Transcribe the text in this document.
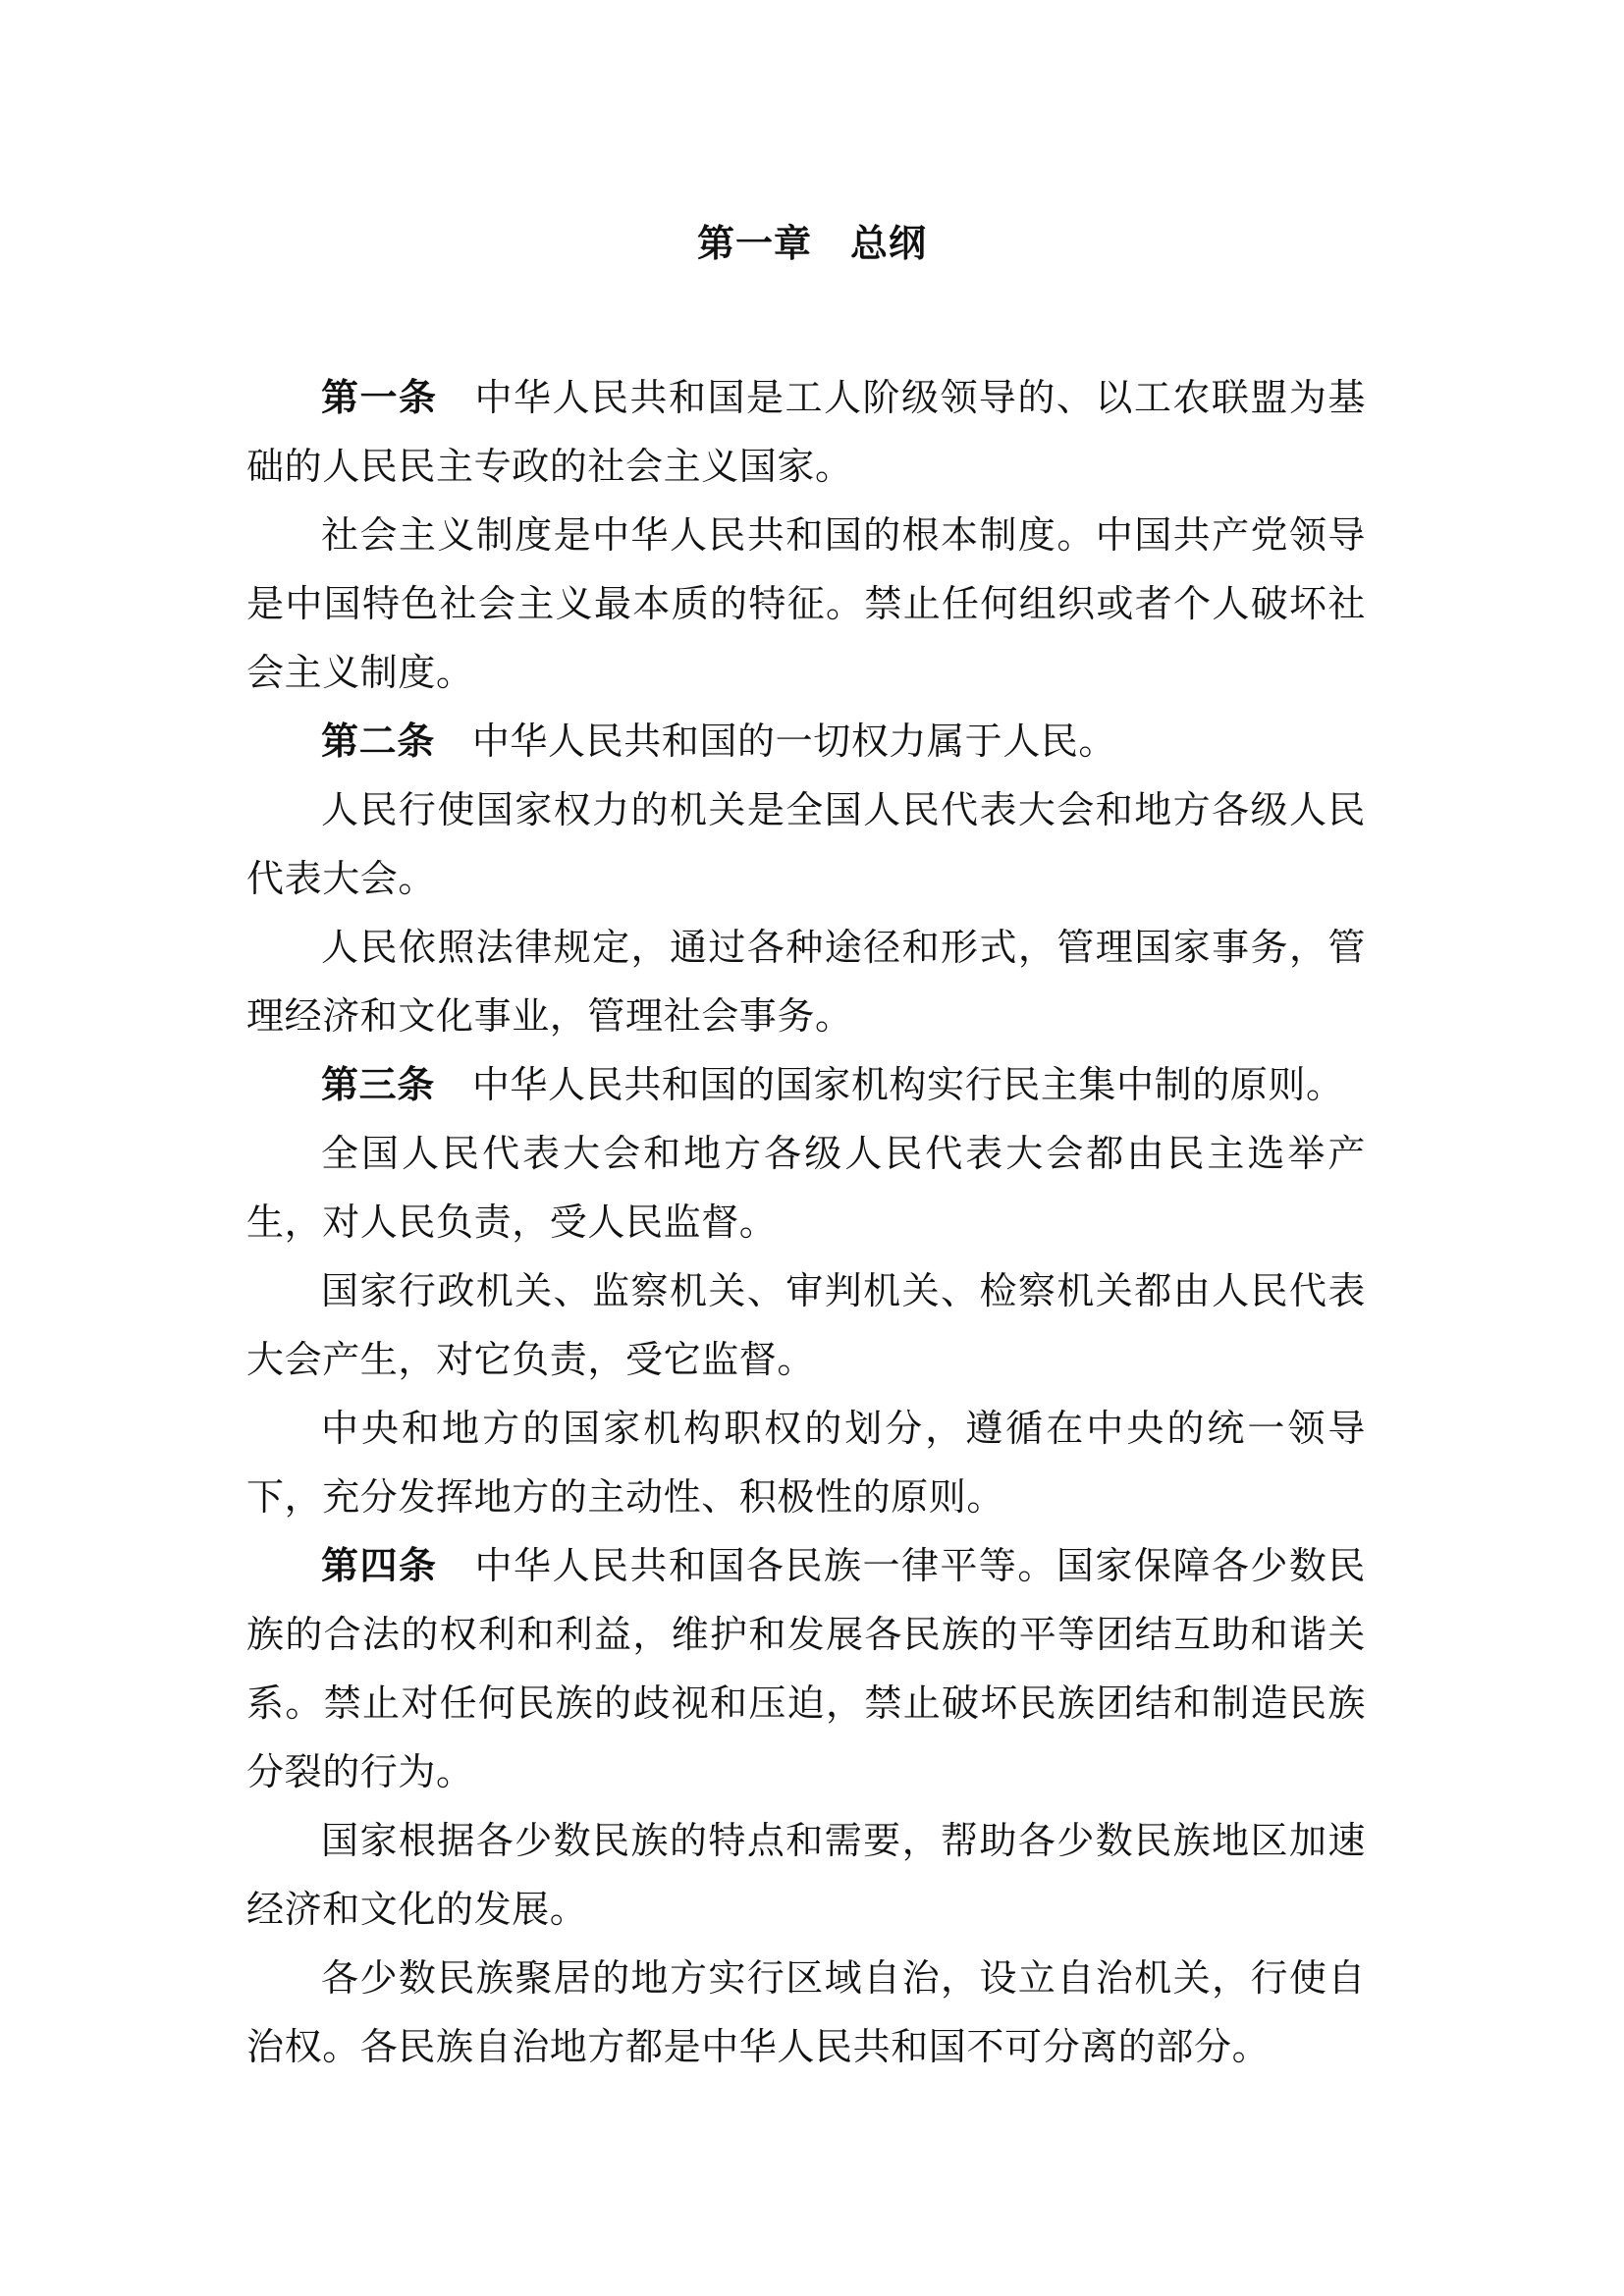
第一章　总纲

第一条 中华人民共和国是工人阶级领导的、以工农联盟为基础的人民民主专政的社会主义国家。

社会主义制度是中华人民共和国的根本制度。中国共产党领导是中国特色社会主义最本质的特征。禁止任何组织或者个人破坏社会主义制度。

第二条 中华人民共和国的一切权力属于人民。

人民行使国家权力的机关是全国人民代表大会和地方各级人民代表大会。

人民依照法律规定，通过各种途径和形式，管理国家事务，管理经济和文化事业，管理社会事务。

第三条 中华人民共和国的国家机构实行民主集中制的原则。

全国人民代表大会和地方各级人民代表大会都由民主选举产生，对人民负责，受人民监督。

国家行政机关、监察机关、审判机关、检察机关都由人民代表大会产生，对它负责，受它监督。

中央和地方的国家机构职权的划分，遵循在中央的统一领导下，充分发挥地方的主动性、积极性的原则。

第四条 中华人民共和国各民族一律平等。国家保障各少数民族的合法的权利和利益，维护和发展各民族的平等团结互助和谐关系。禁止对任何民族的歧视和压迫，禁止破坏民族团结和制造民族分裂的行为。

国家根据各少数民族的特点和需要，帮助各少数民族地区加速经济和文化的发展。

各少数民族聚居的地方实行区域自治，设立自治机关，行使自治权。各民族自治地方都是中华人民共和国不可分离的部分。
